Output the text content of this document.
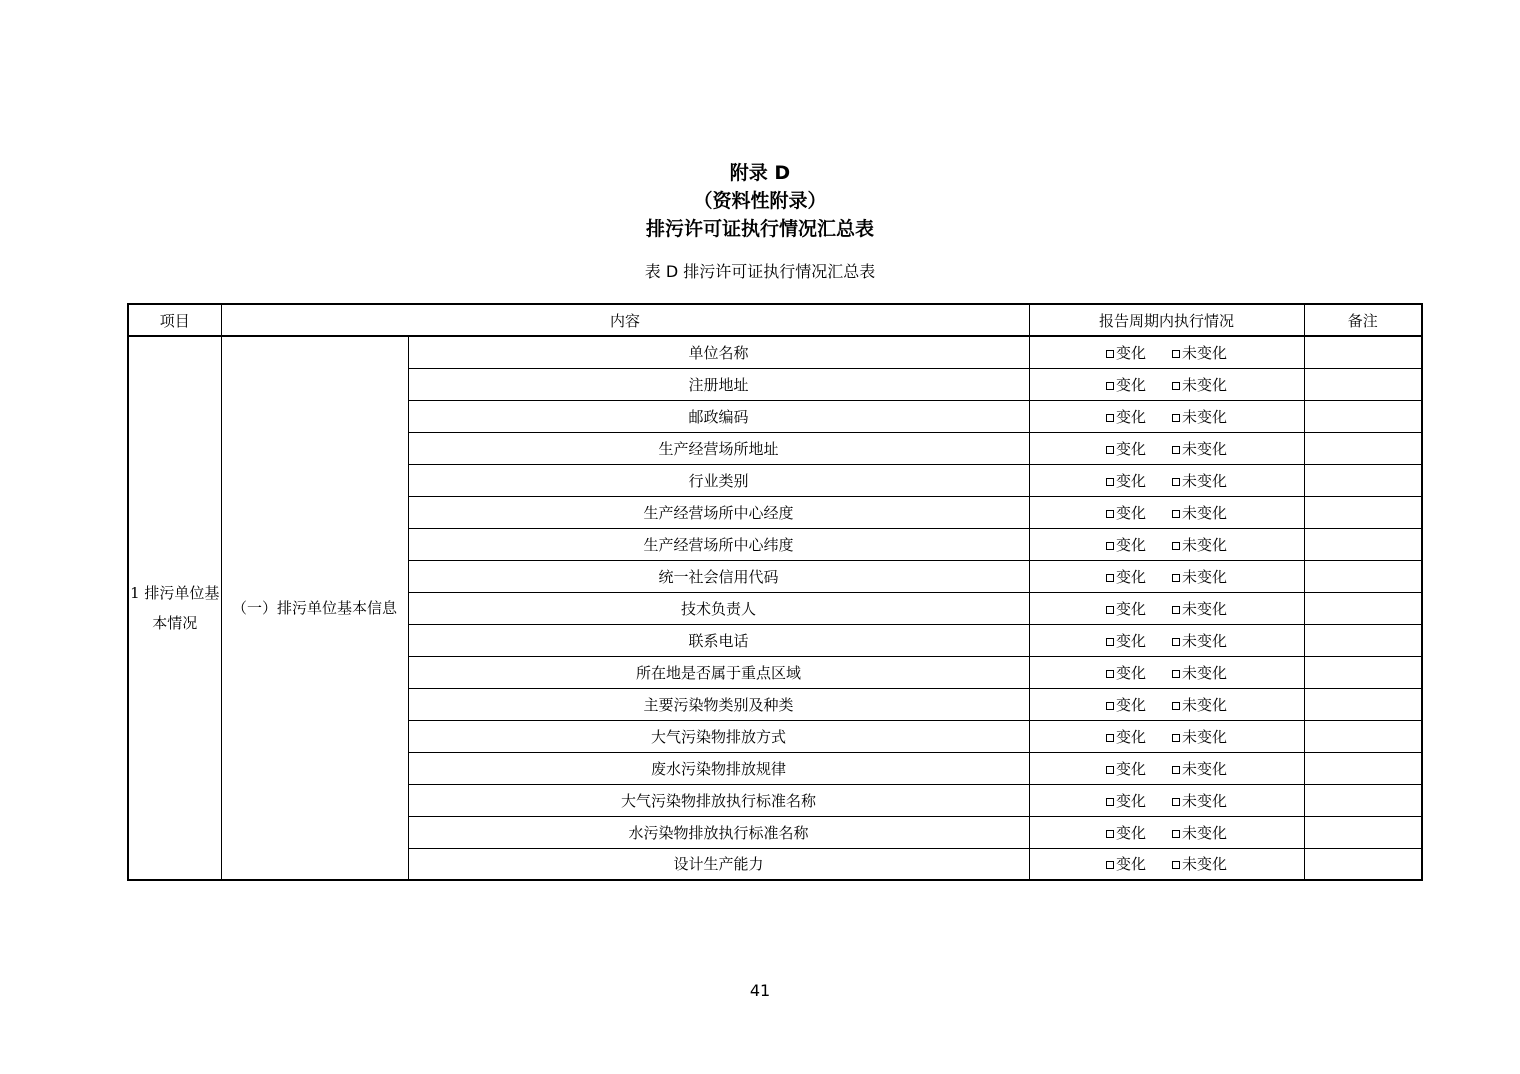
附录 D
（资料性附录）
排污许可证执行情况汇总表
表 D 排污许可证执行情况汇总表
项目	内容		报告周期内执行情况	备注
1 排污单位基本情况	（一）排污单位基本信息	单位名称	变化 未变化	

		注册地址	变化 未变化	

		邮政编码	变化 未变化	

		生产经营场所地址	变化 未变化	

		行业类别	变化 未变化	

		生产经营场所中心经度	变化 未变化	

		生产经营场所中心纬度	变化 未变化	

		统一社会信用代码	变化 未变化	

		技术负责人	变化 未变化	

		联系电话	变化 未变化	

		所在地是否属于重点区域	变化 未变化	

		主要污染物类别及种类	变化 未变化	

		大气污染物排放方式	变化 未变化	

		废水污染物排放规律	变化 未变化	

		大气污染物排放执行标准名称	变化 未变化	

		水污染物排放执行标准名称	变化 未变化	

		设计生产能力	变化 未变化	

41
